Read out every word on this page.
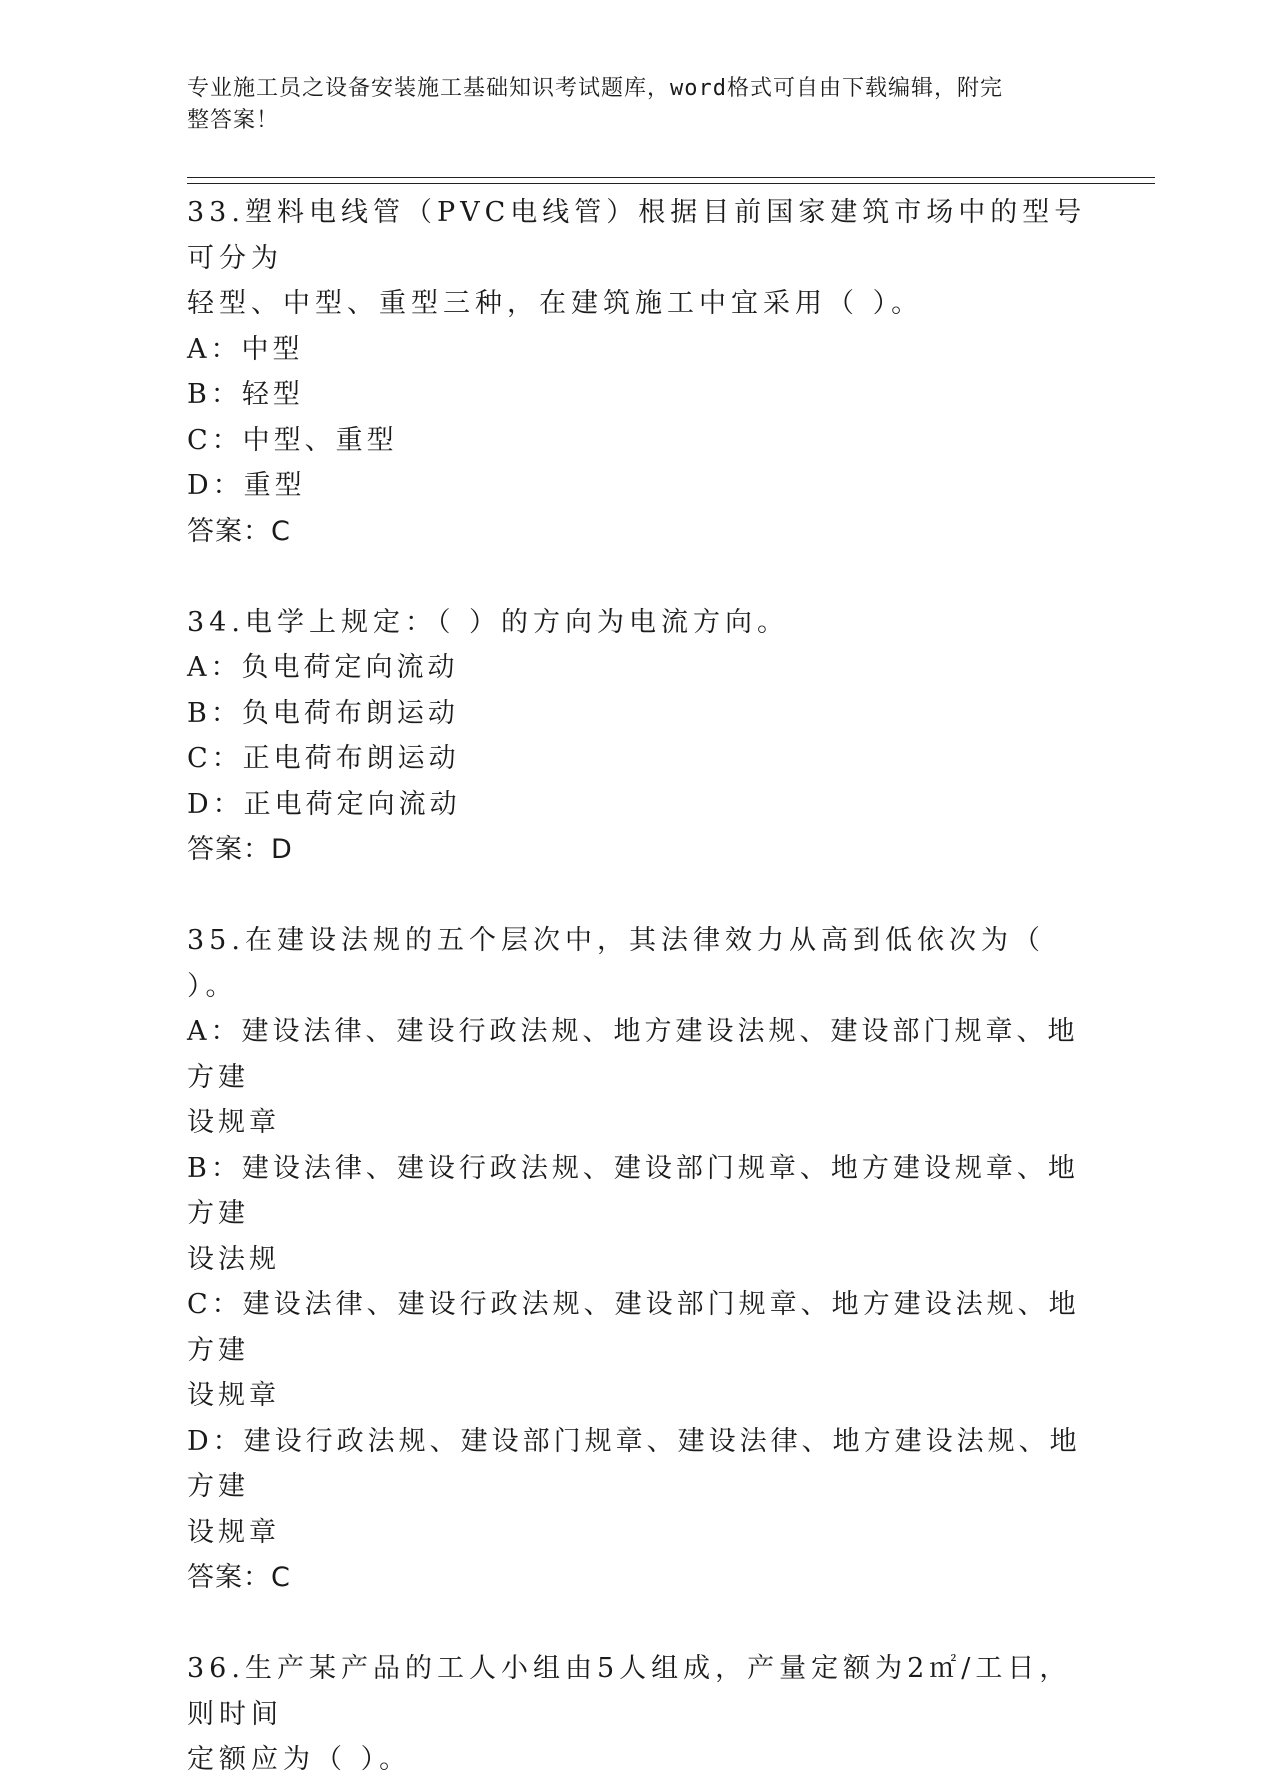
专业施工员之设备安装施工基础知识考试题库，word格式可自由下载编辑，附完
整答案！
33.塑料电线管（PVC电线管）根据目前国家建筑市场中的型号可分为
轻型、中型、重型三种，在建筑施工中宜采用（ ）。
A：中型
B：轻型
C：中型、重型
D：重型
答案：C
34.电学上规定：（ ）的方向为电流方向。
A：负电荷定向流动
B：负电荷布朗运动
C：正电荷布朗运动
D：正电荷定向流动
答案：D
35.在建设法规的五个层次中，其法律效力从高到低依次为（ ）。
A：建设法律、建设行政法规、地方建设法规、建设部门规章、地方建
设规章
B：建设法律、建设行政法规、建设部门规章、地方建设规章、地方建
设法规
C：建设法律、建设行政法规、建设部门规章、地方建设法规、地方建
设规章
D：建设行政法规、建设部门规章、建设法律、地方建设法规、地方建
设规章
答案：C
36.生产某产品的工人小组由5人组成，产量定额为2㎡/工日，则时间
定额应为（ ）。
